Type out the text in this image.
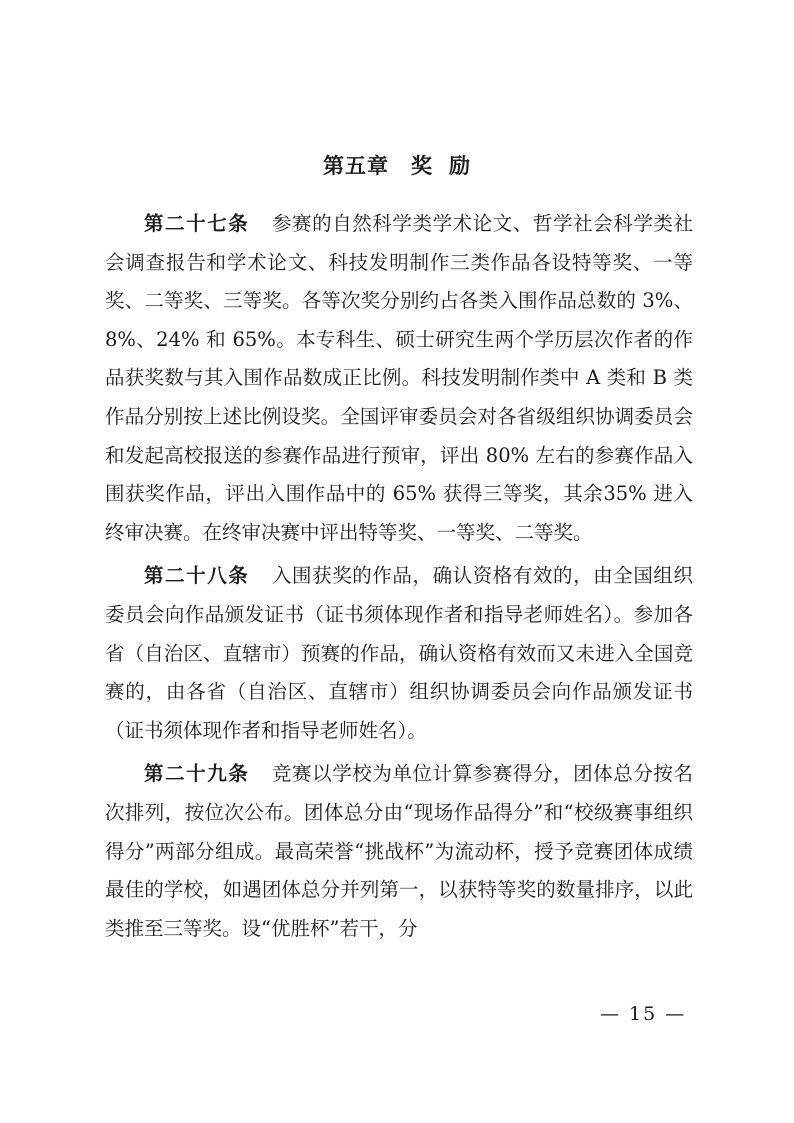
第五章 奖 励

第二十七条 参赛的自然科学类学术论文、哲学社会科学类社会调查报告和学术论文、科技发明制作三类作品各设特等奖、一等奖、二等奖、三等奖。各等次奖分别约占各类入围作品总数的 3%、8%、24% 和 65%。本专科生、硕士研究生两个学历层次作者的作品获奖数与其入围作品数成正比例。科技发明制作类中 A 类和 B 类作品分别按上述比例设奖。全国评审委员会对各省级组织协调委员会和发起高校报送的参赛作品进行预审，评出 80% 左右的参赛作品入围获奖作品，评出入围作品中的 65% 获得三等奖，其余35% 进入终审决赛。在终审决赛中评出特等奖、一等奖、二等奖。

第二十八条 入围获奖的作品，确认资格有效的，由全国组织委员会向作品颁发证书（证书须体现作者和指导老师姓名）。参加各省（自治区、直辖市）预赛的作品，确认资格有效而又未进入全国竞赛的，由各省（自治区、直辖市）组织协调委员会向作品颁发证书（证书须体现作者和指导老师姓名）。

第二十九条 竞赛以学校为单位计算参赛得分，团体总分按名次排列，按位次公布。团体总分由“现场作品得分”和“校级赛事组织得分”两部分组成。最高荣誉“挑战杯”为流动杯，授予竞赛团体成绩最佳的学校，如遇团体总分并列第一，以获特等奖的数量排序，以此类推至三等奖。设“优胜杯”若干，分

— 15 —
